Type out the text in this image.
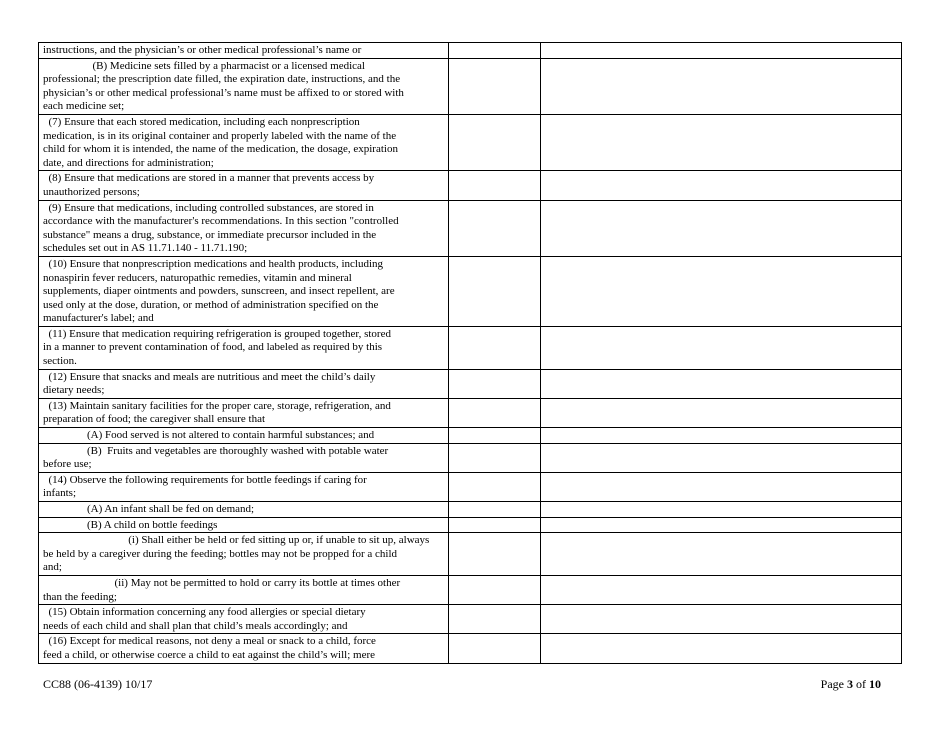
instructions, and the physician’s or other medical professional’s name or		
(B) Medicine sets filled by a pharmacist or a licensed medical
professional; the prescription date filled, the expiration date, instructions, and the
physician’s or other medical professional’s name must be affixed to or stored with
each medicine set;		
(7) Ensure that each stored medication, including each nonprescription
medication, is in its original container and properly labeled with the name of the
child for whom it is intended, the name of the medication, the dosage, expiration
date, and directions for administration;		
(8) Ensure that medications are stored in a manner that prevents access by
unauthorized persons;		
(9) Ensure that medications, including controlled substances, are stored in
accordance with the manufacturer's recommendations. In this section "controlled
substance" means a drug, substance, or immediate precursor included in the
schedules set out in AS 11.71.140 - 11.71.190;		
(10) Ensure that nonprescription medications and health products, including
nonaspirin fever reducers, naturopathic remedies, vitamin and mineral
supplements, diaper ointments and powders, sunscreen, and insect repellent, are
used only at the dose, duration, or method of administration specified on the
manufacturer's label; and		
(11) Ensure that medication requiring refrigeration is grouped together, stored
in a manner to prevent contamination of food, and labeled as required by this
section.		
(12) Ensure that snacks and meals are nutritious and meet the child’s daily
dietary needs;		
(13) Maintain sanitary facilities for the proper care, storage, refrigeration, and
preparation of food; the caregiver shall ensure that		
(A) Food served is not altered to contain harmful substances; and		
(B)  Fruits and vegetables are thoroughly washed with potable water
before use;		
(14) Observe the following requirements for bottle feedings if caring for
infants;		
(A) An infant shall be fed on demand;		
(B) A child on bottle feedings		
(i) Shall either be held or fed sitting up or, if unable to sit up, always
be held by a caregiver during the feeding; bottles may not be propped for a child
and;		
(ii) May not be permitted to hold or carry its bottle at times other
than the feeding;		
(15) Obtain information concerning any food allergies or special dietary
needs of each child and shall plan that child’s meals accordingly; and		
(16) Except for medical reasons, not deny a meal or snack to a child, force
feed a child, or otherwise coerce a child to eat against the child’s will; mere		
CC88 (06-4139) 10/17	Page 3 of 10
